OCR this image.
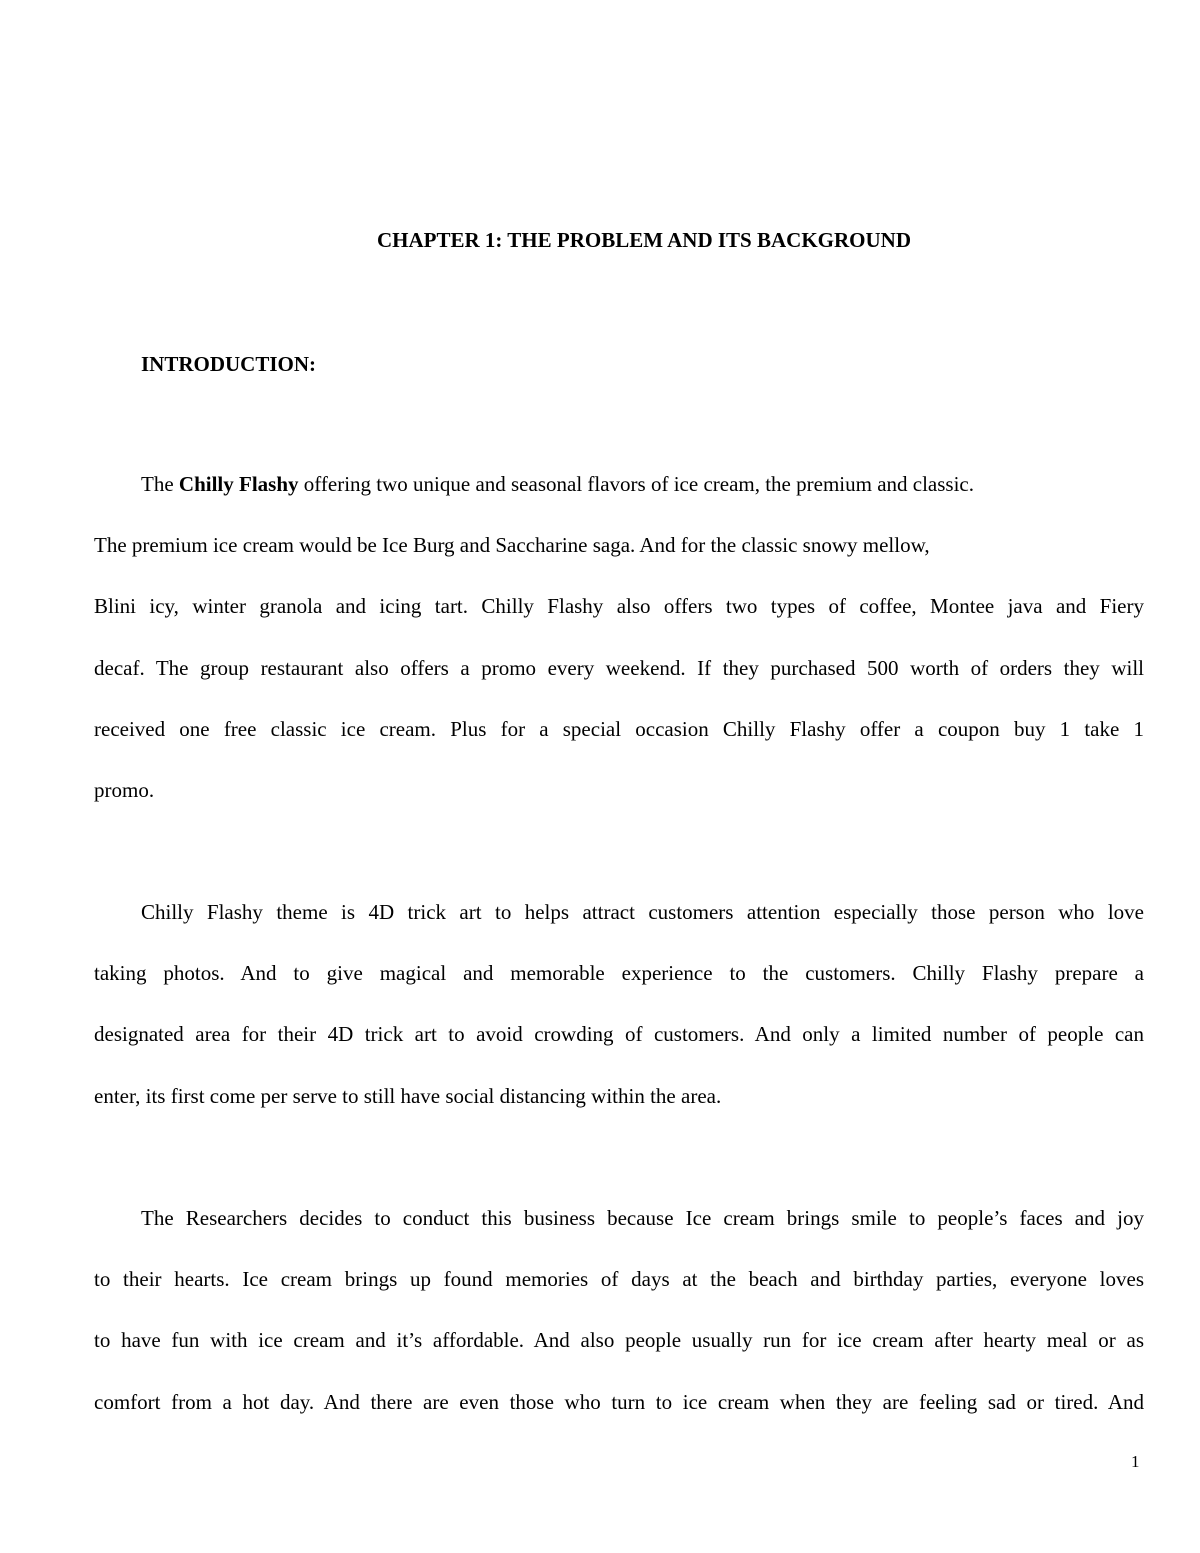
CHAPTER 1: THE PROBLEM AND ITS BACKGROUND
INTRODUCTION:
The Chilly Flashy offering two unique and seasonal flavors of ice cream, the premium and classic.
The premium ice cream would be Ice Burg and Saccharine saga. And for the classic snowy mellow,
Blini icy, winter granola and icing tart. Chilly Flashy also offers two types of coffee, Montee java and Fiery
decaf. The group restaurant also offers a promo every weekend. If they purchased 500 worth of orders they will
received one free classic ice cream. Plus for a special occasion Chilly Flashy offer a coupon buy 1 take 1
promo.
Chilly Flashy theme is 4D trick art to helps attract customers attention especially those person who love
taking photos. And to give magical and memorable experience to the customers. Chilly Flashy prepare a
designated area for their 4D trick art to avoid crowding of customers. And only a limited number of people can
enter, its first come per serve to still have social distancing within the area.
The Researchers decides to conduct this business because Ice cream brings smile to people’s faces and joy
to their hearts. Ice cream brings up found memories of days at the beach and birthday parties, everyone loves
to have fun with ice cream and it’s affordable. And also people usually run for ice cream after hearty meal or as
comfort from a hot day. And there are even those who turn to ice cream when they are feeling sad or tired. And
1
